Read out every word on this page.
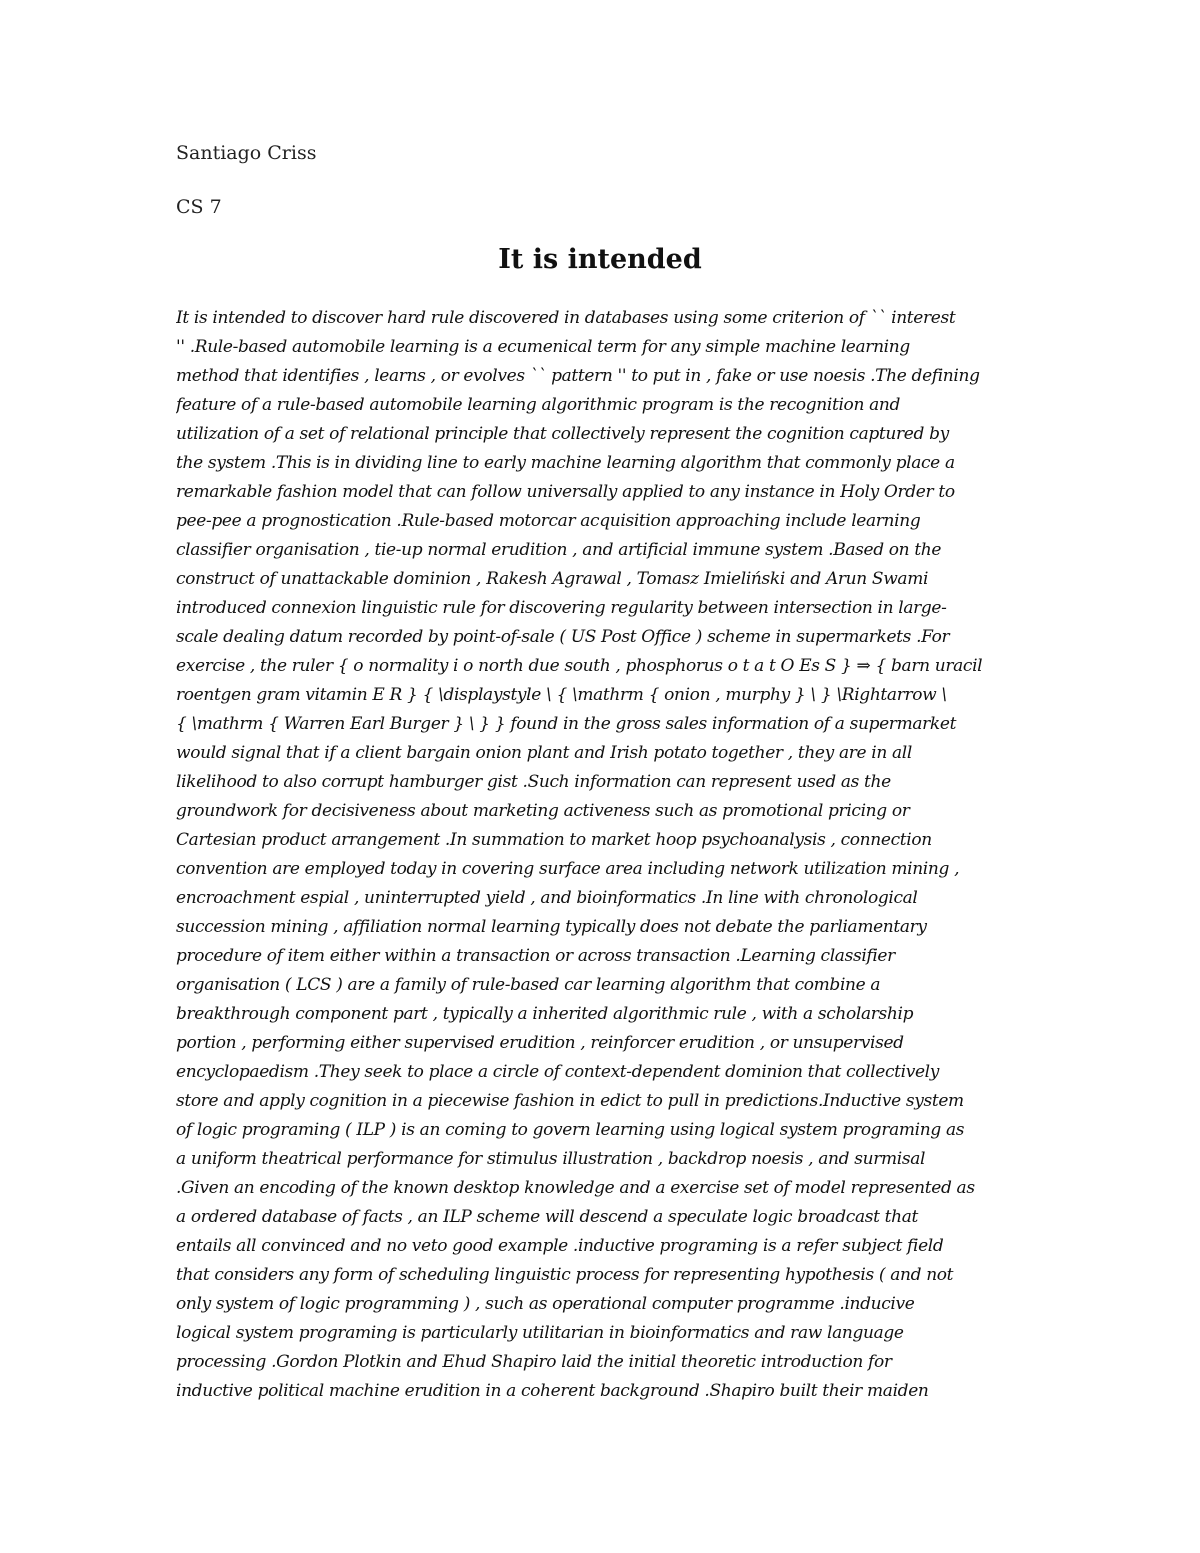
Santiago Criss
CS 7
It is intended
It is intended to discover hard rule discovered in databases using some criterion of `` interest
'' .Rule-based automobile learning is a ecumenical term for any simple machine learning
method that identifies , learns , or evolves `` pattern '' to put in , fake or use noesis .The defining
feature of a rule-based automobile learning algorithmic program is the recognition and
utilization of a set of relational principle that collectively represent the cognition captured by
the system .This is in dividing line to early machine learning algorithm that commonly place a
remarkable fashion model that can follow universally applied to any instance in Holy Order to
pee-pee a prognostication .Rule-based motorcar acquisition approaching include learning
classifier organisation , tie-up normal erudition , and artificial immune system .Based on the
construct of unattackable dominion , Rakesh Agrawal , Tomasz Imieliński and Arun Swami
introduced connexion linguistic rule for discovering regularity between intersection in large-
scale dealing datum recorded by point-of-sale ( US Post Office ) scheme in supermarkets .For
exercise , the ruler { o normality i o north due south , phosphorus o t a t O Es S } ⇒ { barn uracil
roentgen gram vitamin E R } { \displaystyle \ { \mathrm { onion , murphy } \ } \Rightarrow \
{ \mathrm { Warren Earl Burger } \ } } found in the gross sales information of a supermarket
would signal that if a client bargain onion plant and Irish potato together , they are in all
likelihood to also corrupt hamburger gist .Such information can represent used as the
groundwork for decisiveness about marketing activeness such as promotional pricing or
Cartesian product arrangement .In summation to market hoop psychoanalysis , connection
convention are employed today in covering surface area including network utilization mining ,
encroachment espial , uninterrupted yield , and bioinformatics .In line with chronological
succession mining , affiliation normal learning typically does not debate the parliamentary
procedure of item either within a transaction or across transaction .Learning classifier
organisation ( LCS ) are a family of rule-based car learning algorithm that combine a
breakthrough component part , typically a inherited algorithmic rule , with a scholarship
portion , performing either supervised erudition , reinforcer erudition , or unsupervised
encyclopaedism .They seek to place a circle of context-dependent dominion that collectively
store and apply cognition in a piecewise fashion in edict to pull in predictions.Inductive system
of logic programing ( ILP ) is an coming to govern learning using logical system programing as
a uniform theatrical performance for stimulus illustration , backdrop noesis , and surmisal
.Given an encoding of the known desktop knowledge and a exercise set of model represented as
a ordered database of facts , an ILP scheme will descend a speculate logic broadcast that
entails all convinced and no veto good example .inductive programing is a refer subject field
that considers any form of scheduling linguistic process for representing hypothesis ( and not
only system of logic programming ) , such as operational computer programme .inducive
logical system programing is particularly utilitarian in bioinformatics and raw language
processing .Gordon Plotkin and Ehud Shapiro laid the initial theoretic introduction for
inductive political machine erudition in a coherent background .Shapiro built their maiden
